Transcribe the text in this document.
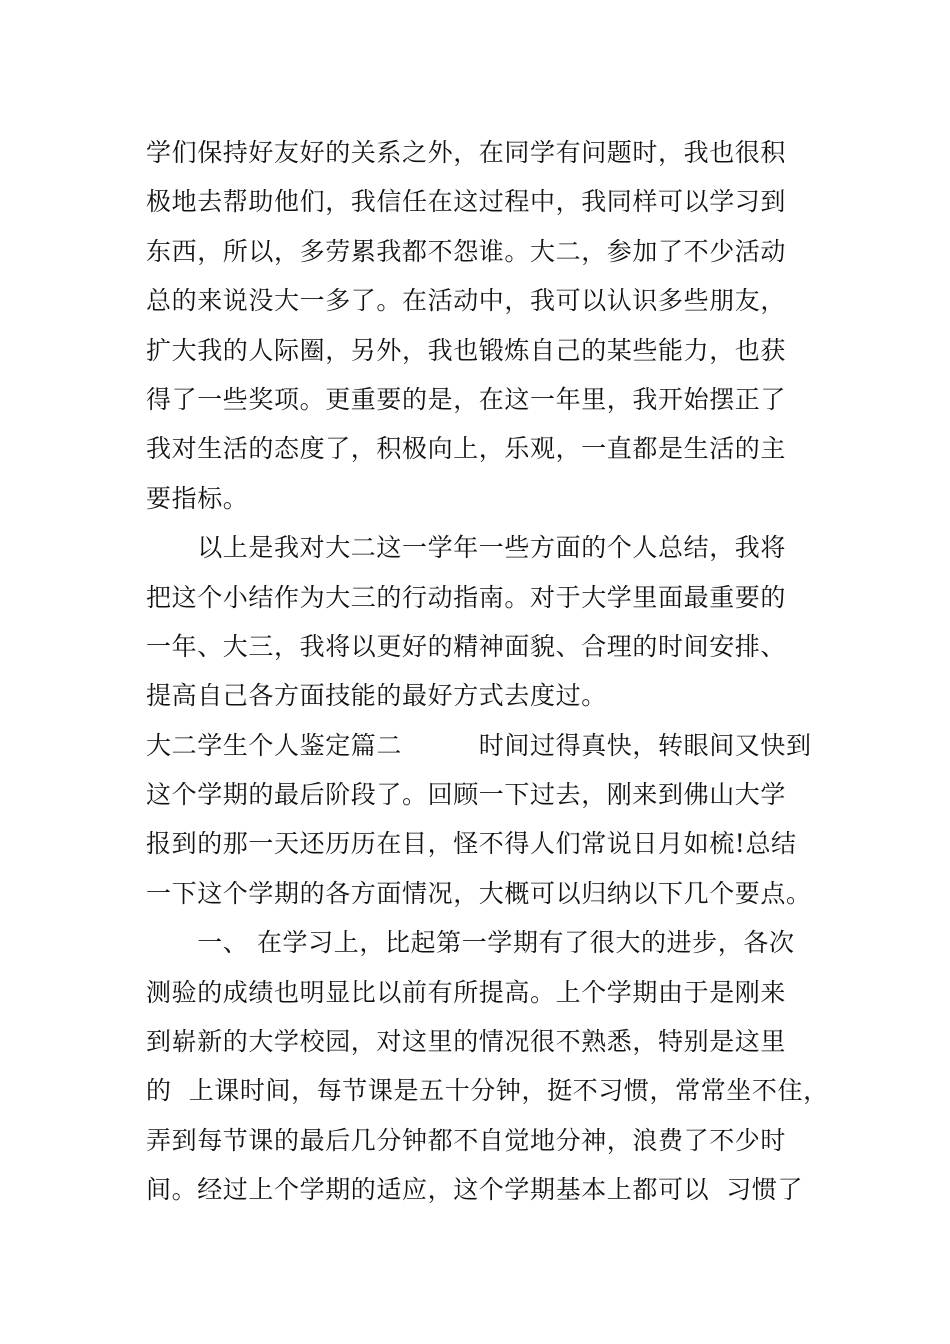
学们保持好友好的关系之外，在同学有问题时，我也很积
极地去帮助他们，我信任在这过程中，我同样可以学习到
东西，所以，多劳累我都不怨谁。大二，参加了不少活动
总的来说没大一多了。在活动中，我可以认识多些朋友，
扩大我的人际圈，另外，我也锻炼自己的某些能力，也获
得了一些奖项。更重要的是，在这一年里，我开始摆正了
我对生活的态度了，积极向上，乐观，一直都是生活的主
要指标。
　　以上是我对大二这一学年一些方面的个人总结，我将
把这个小结作为大三的行动指南。对于大学里面最重要的
一年、大三，我将以更好的精神面貌、合理的时间安排、
提高自己各方面技能的最好方式去度过。
大二学生个人鉴定篇二　　　时间过得真快，转眼间又快到
这个学期的最后阶段了。回顾一下过去，刚来到佛山大学
报到的那一天还历历在目，怪不得人们常说日月如梳!总结
一下这个学期的各方面情况，大概可以归纳以下几个要点。
　　一、 在学习上，比起第一学期有了很大的进步，各次
测验的成绩也明显比以前有所提高。上个学期由于是刚来
到崭新的大学校园，对这里的情况很不熟悉，特别是这里
的  上课时间，每节课是五十分钟，挺不习惯，常常坐不住，
弄到每节课的最后几分钟都不自觉地分神，浪费了不少时
间。经过上个学期的适应，这个学期基本上都可以  习惯了
